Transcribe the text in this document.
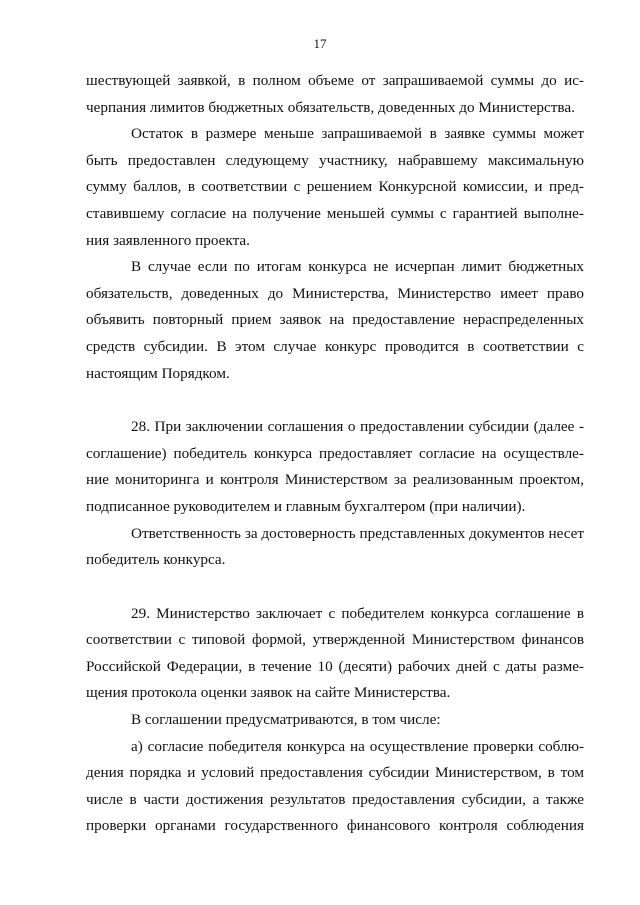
17
шествующей заявкой, в полном объеме от запрашиваемой суммы до ис-
черпания лимитов бюджетных обязательств, доведенных до Министерства.
Остаток в размере меньше запрашиваемой в заявке суммы может
быть предоставлен следующему участнику, набравшему максимальную
сумму баллов, в соответствии с решением Конкурсной комиссии, и пред-
ставившему согласие на получение меньшей суммы с гарантией выполне-
ния заявленного проекта.
В случае если по итогам конкурса не исчерпан лимит бюджетных
обязательств, доведенных до Министерства, Министерство имеет право
объявить повторный прием заявок на предоставление нераспределенных
средств субсидии. В этом случае конкурс проводится в соответствии с
настоящим Порядком.
28. При заключении соглашения о предоставлении субсидии (далее -
соглашение) победитель конкурса предоставляет согласие на осуществле-
ние мониторинга и контроля Министерством за реализованным проектом,
подписанное руководителем и главным бухгалтером (при наличии).
Ответственность за достоверность представленных документов несет
победитель конкурса.
29. Министерство заключает с победителем конкурса соглашение в
соответствии с типовой формой, утвержденной Министерством финансов
Российской Федерации, в течение 10 (десяти) рабочих дней с даты разме-
щения протокола оценки заявок на сайте Министерства.
В соглашении предусматриваются, в том числе:
а) согласие победителя конкурса на осуществление проверки соблю-
дения порядка и условий предоставления субсидии Министерством, в том
числе в части достижения результатов предоставления субсидии, а также
проверки органами государственного финансового контроля соблюдения
